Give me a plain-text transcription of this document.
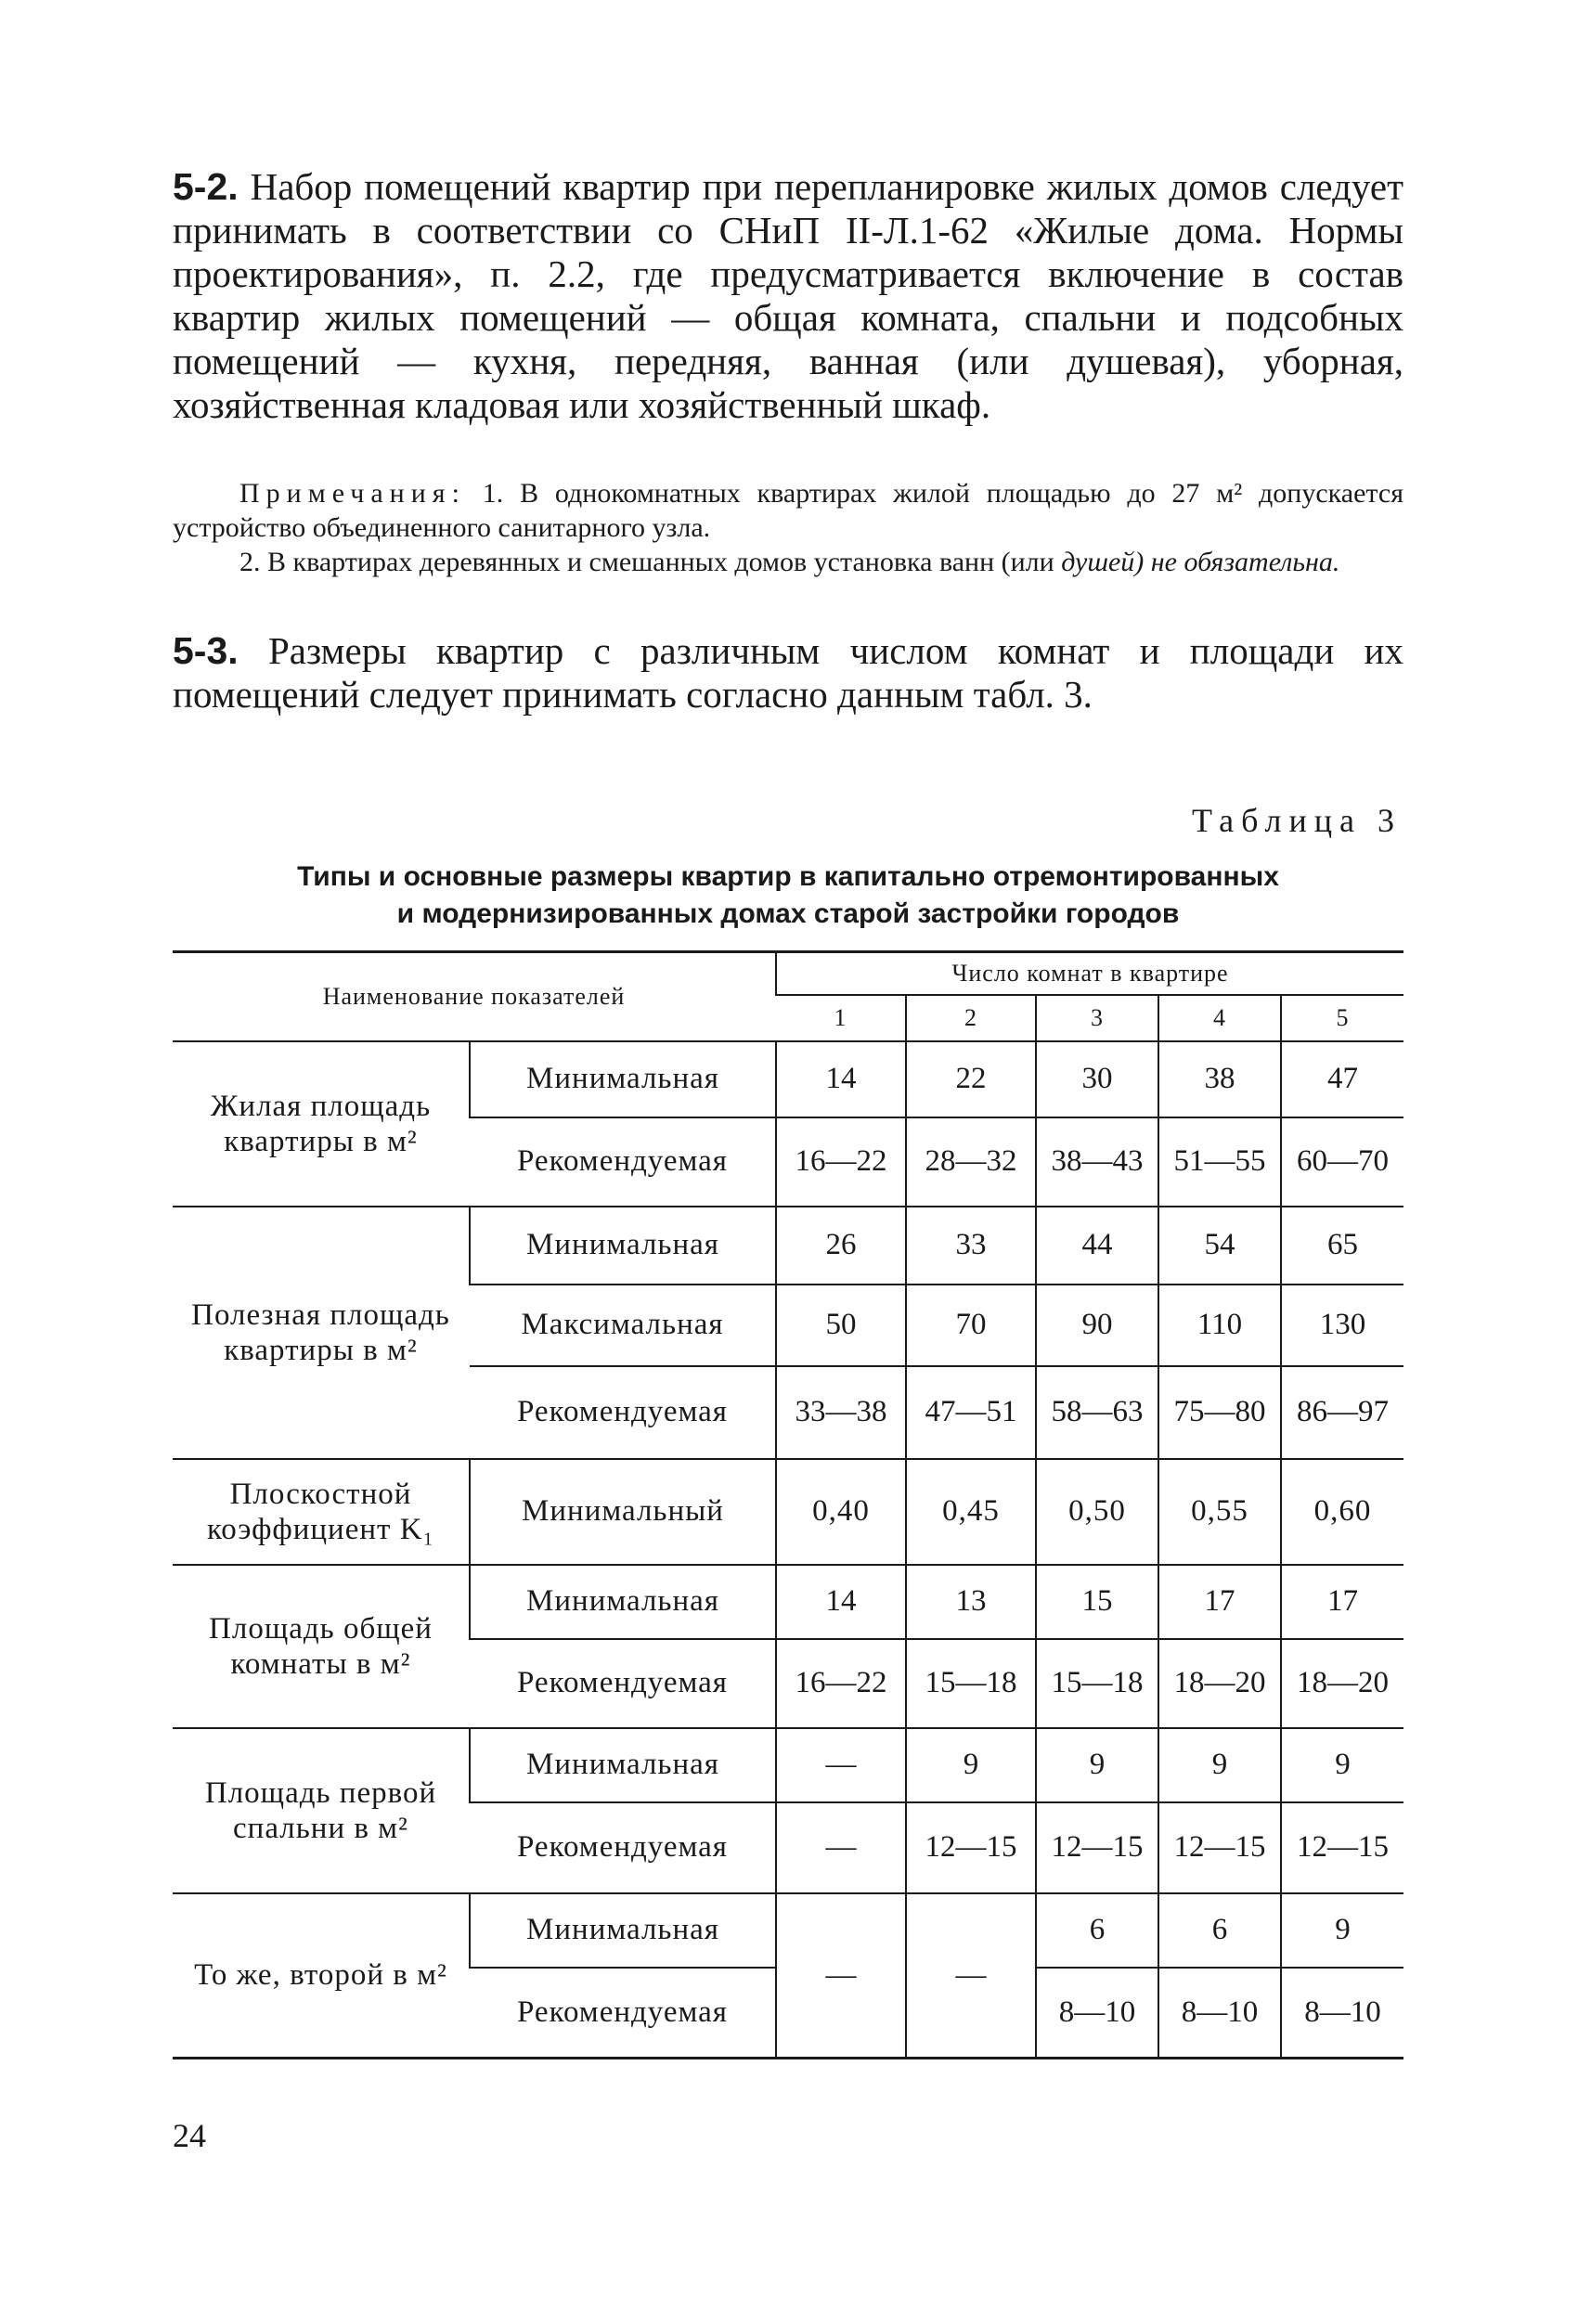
5-2. Набор помещений квартир при перепланировке жилых домов следует принимать в соответствии со СНиП II-Л.1-62 «Жилые дома. Нормы проектирования», п. 2.2, где предусматривается включение в состав квартир жилых помещений — общая комната, спальни и подсобных помещений — кухня, передняя, ванная (или душевая), уборная, хозяйственная кладовая или хозяйственный шкаф.
Примечания: 1. В однокомнатных квартирах жилой площадью до 27 м² допускается устройство объединенного санитарного узла.
2. В квартирах деревянных и смешанных домов установка ванн (или душей) не обязательна.
5-3. Размеры квартир с различным числом комнат и площади их помещений следует принимать согласно данным табл. 3.
Таблица 3
Типы и основные размеры квартир в капитально отремонтированных
и модернизированных домах старой застройки городов
Наименование показателей		Число комнат в квартире				
		1	2	3	4	5
Жилая площадь квартиры в м²	Минимальная	14	22	30	38	47
	Рекомендуемая	16—22	28—32	38—43	51—55	60—70
Полезная площадь квартиры в м²	Минимальная	26	33	44	54	65
	Максимальная	50	70	90	110	130
	Рекомендуемая	33—38	47—51	58—63	75—80	86—97
Плоскостной коэффициент K₁	Минимальный	0,40	0,45	0,50	0,55	0,60
Площадь общей комнаты в м²	Минимальная	14	13	15	17	17
	Рекомендуемая	16—22	15—18	15—18	18—20	18—20
Площадь первой спальни в м²	Минимальная	—	9	9	9	9
	Рекомендуемая	—	12—15	12—15	12—15	12—15
То же, второй в м²	Минимальная	—	—	6	6	9
	Рекомендуемая			8—10	8—10	8—10
24
